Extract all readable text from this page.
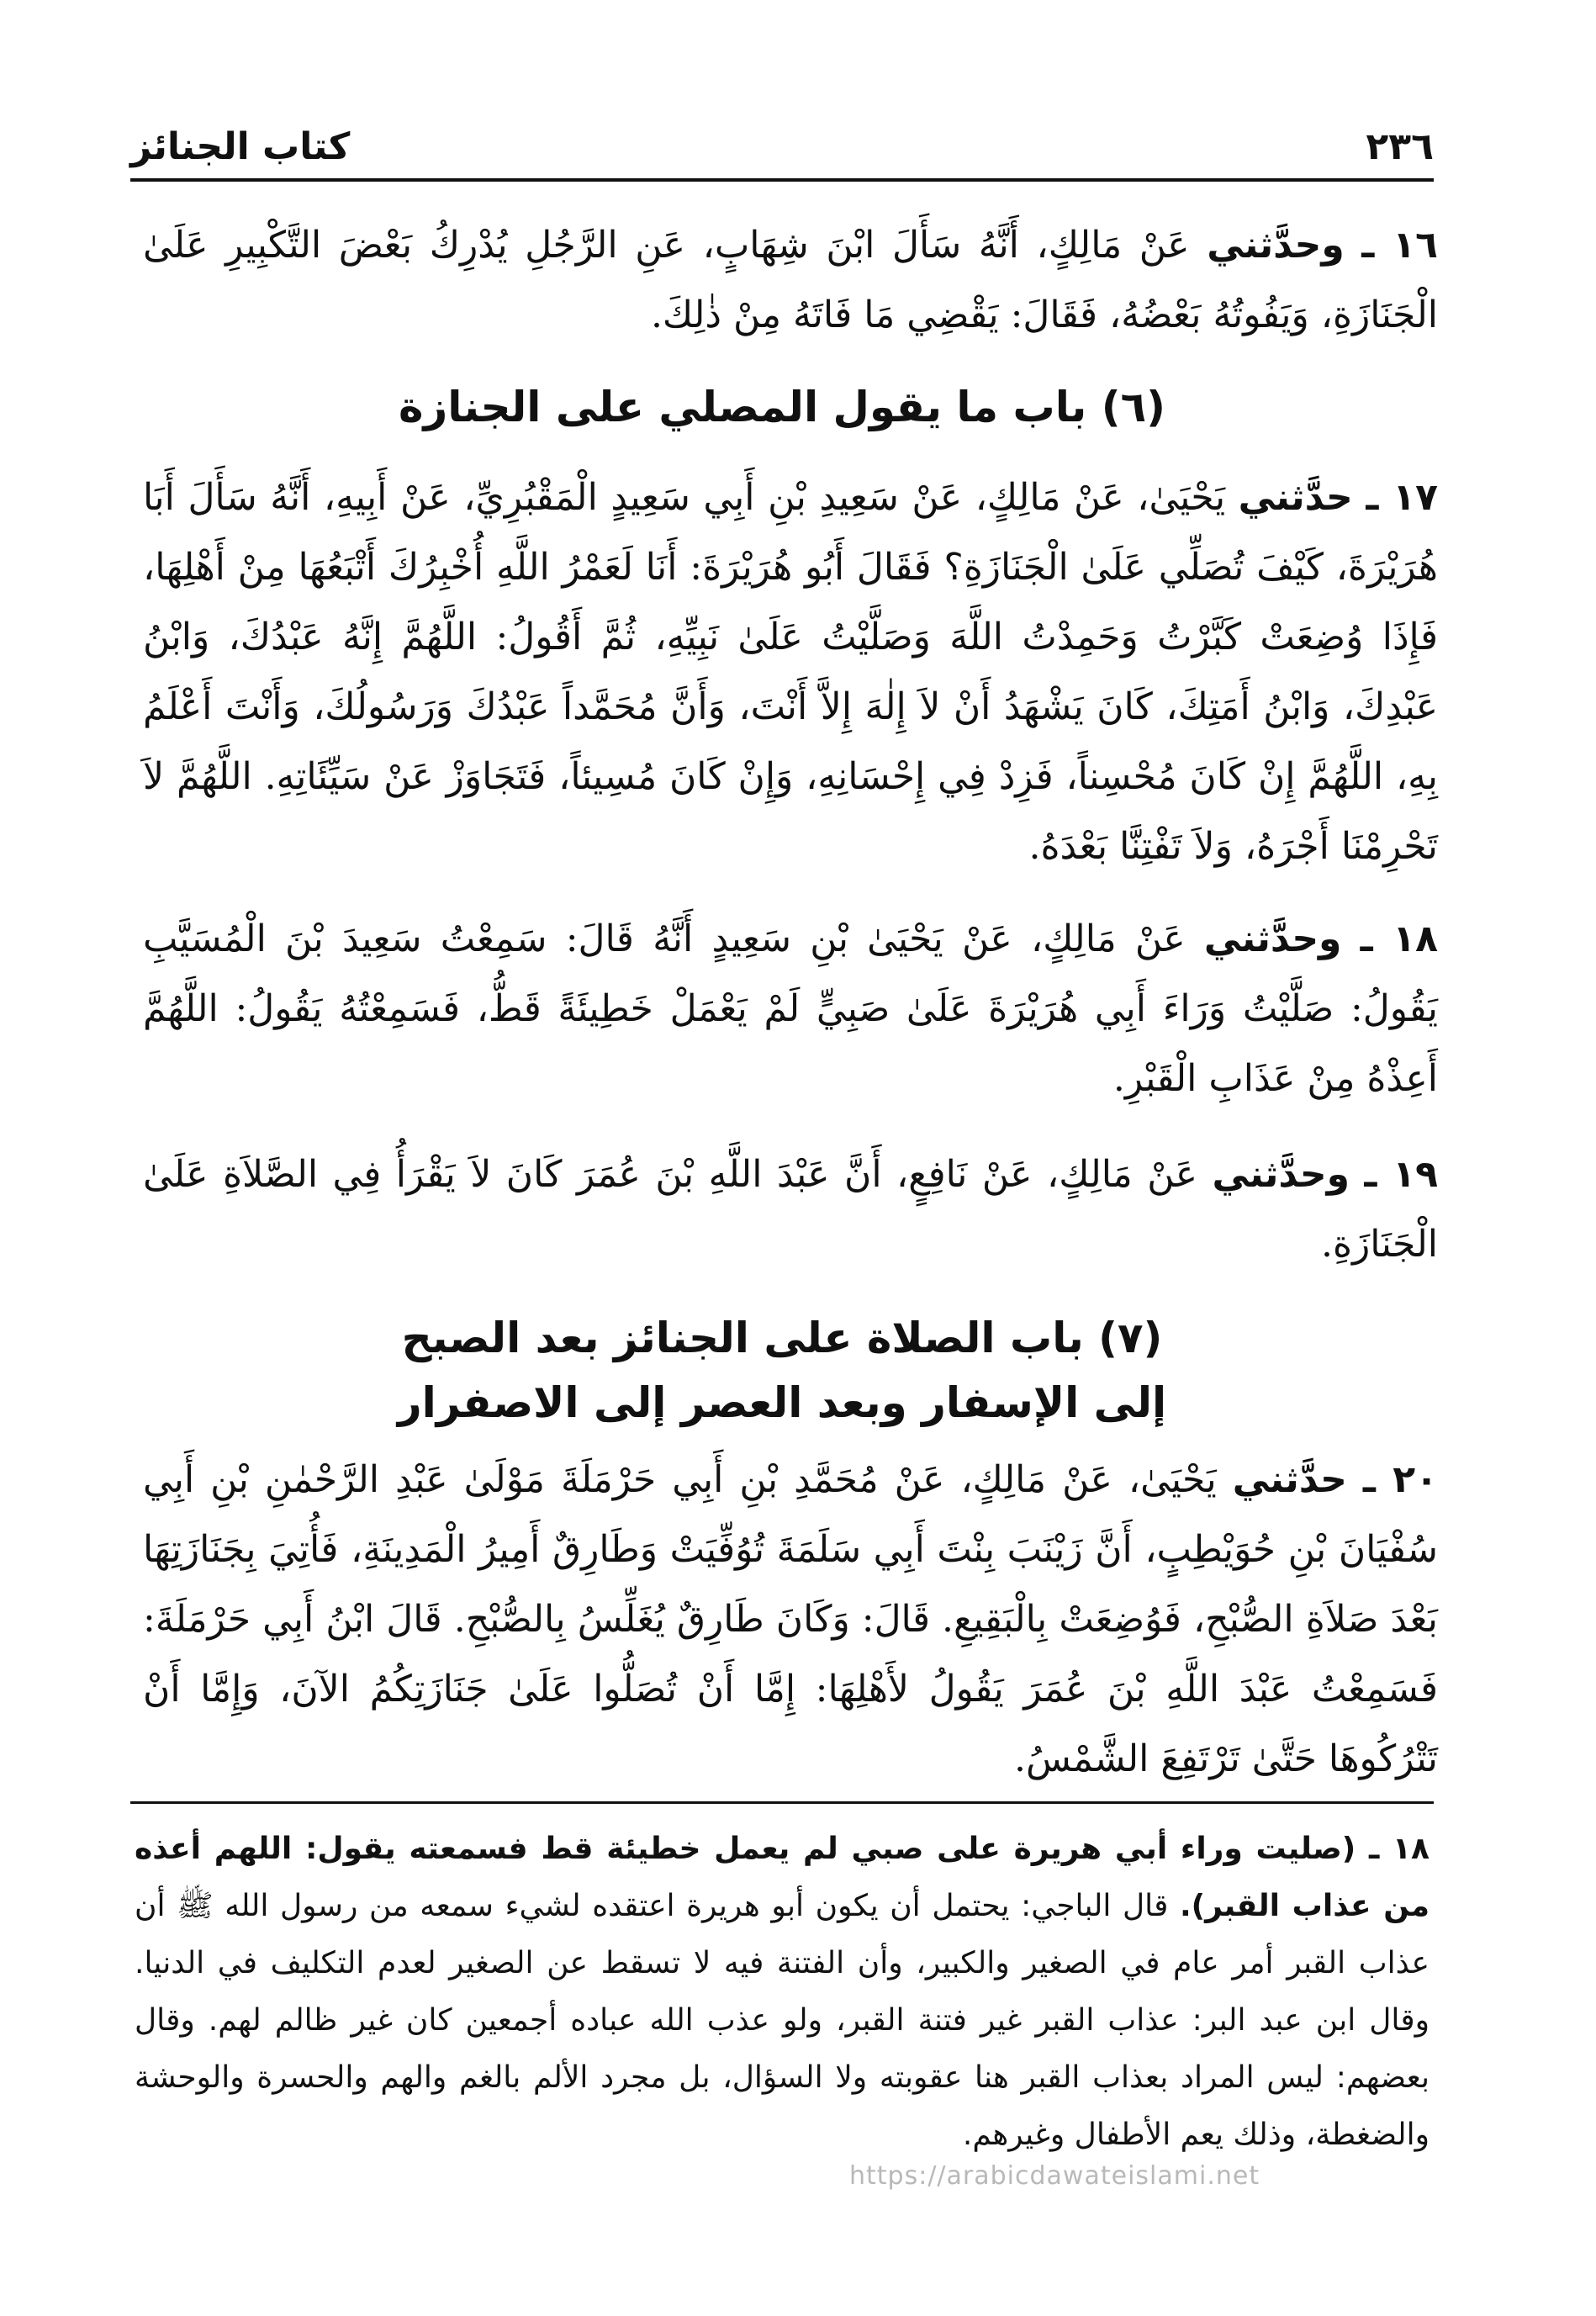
٢٣٦
كتاب الجنائز

١٦ ـ وحدَّثني عَنْ مَالِكٍ، أَنَّهُ سَأَلَ ابْنَ شِهَابٍ، عَنِ الرَّجُلِ يُدْرِكُ بَعْضَ التَّكْبِيرِ عَلَىٰ الْجَنَازَةِ، وَيَفُوتُهُ بَعْضُهُ، فَقَالَ: يَقْضِي مَا فَاتَهُ مِنْ ذٰلِكَ.

(٦) باب ما يقول المصلي على الجنازة

١٧ ـ حدَّثني يَحْيَىٰ، عَنْ مَالِكٍ، عَنْ سَعِيدِ بْنِ أَبِي سَعِيدٍ الْمَقْبُرِيِّ، عَنْ أَبِيهِ، أَنَّهُ سَأَلَ أَبَا هُرَيْرَةَ، كَيْفَ تُصَلِّي عَلَىٰ الْجَنَازَةِ؟ فَقَالَ أَبُو هُرَيْرَةَ: أَنَا لَعَمْرُ اللَّهِ أُخْبِرُكَ أَتْبَعُهَا مِنْ أَهْلِهَا، فَإِذَا وُضِعَتْ كَبَّرْتُ وَحَمِدْتُ اللَّهَ وَصَلَّيْتُ عَلَىٰ نَبِيِّهِ، ثُمَّ أَقُولُ: اللَّهُمَّ إِنَّهُ عَبْدُكَ، وَابْنُ عَبْدِكَ، وَابْنُ أَمَتِكَ، كَانَ يَشْهَدُ أَنْ لاَ إِلٰهَ إِلاَّ أَنْتَ، وَأَنَّ مُحَمَّداً عَبْدُكَ وَرَسُولُكَ، وَأَنْتَ أَعْلَمُ بِهِ، اللَّهُمَّ إِنْ كَانَ مُحْسِناً، فَزِدْ فِي إِحْسَانِهِ، وَإِنْ كَانَ مُسِيئاً، فَتَجَاوَزْ عَنْ سَيِّئَاتِهِ. اللَّهُمَّ لاَ تَحْرِمْنَا أَجْرَهُ، وَلاَ تَفْتِنَّا بَعْدَهُ.

١٨ ـ وحدَّثني عَنْ مَالِكٍ، عَنْ يَحْيَىٰ بْنِ سَعِيدٍ أَنَّهُ قَالَ: سَمِعْتُ سَعِيدَ بْنَ الْمُسَيَّبِ يَقُولُ: صَلَّيْتُ وَرَاءَ أَبِي هُرَيْرَةَ عَلَىٰ صَبِيٍّ لَمْ يَعْمَلْ خَطِيئَةً قَطُّ، فَسَمِعْتُهُ يَقُولُ: اللَّهُمَّ أَعِذْهُ مِنْ عَذَابِ الْقَبْرِ.

١٩ ـ وحدَّثني عَنْ مَالِكٍ، عَنْ نَافِعٍ، أَنَّ عَبْدَ اللَّهِ بْنَ عُمَرَ كَانَ لاَ يَقْرَأُ فِي الصَّلاَةِ عَلَىٰ الْجَنَازَةِ.

(٧) باب الصلاة على الجنائز بعد الصبح
إلى الإسفار وبعد العصر إلى الاصفرار

٢٠ ـ حدَّثني يَحْيَىٰ، عَنْ مَالِكٍ، عَنْ مُحَمَّدِ بْنِ أَبِي حَرْمَلَةَ مَوْلَىٰ عَبْدِ الرَّحْمٰنِ بْنِ أَبِي سُفْيَانَ بْنِ حُوَيْطِبٍ، أَنَّ زَيْنَبَ بِنْتَ أَبِي سَلَمَةَ تُوُفِّيَتْ وَطَارِقٌ أَمِيرُ الْمَدِينَةِ، فَأُتِيَ بِجَنَازَتِهَا بَعْدَ صَلاَةِ الصُّبْحِ، فَوُضِعَتْ بِالْبَقِيعِ. قَالَ: وَكَانَ طَارِقٌ يُغَلِّسُ بِالصُّبْحِ. قَالَ ابْنُ أَبِي حَرْمَلَةَ: فَسَمِعْتُ عَبْدَ اللَّهِ بْنَ عُمَرَ يَقُولُ لأَهْلِهَا: إِمَّا أَنْ تُصَلُّوا عَلَىٰ جَنَازَتِكُمُ الآنَ، وَإِمَّا أَنْ تَتْرُكُوهَا حَتَّىٰ تَرْتَفِعَ الشَّمْسُ.

١٨ ـ (صليت وراء أبي هريرة على صبي لم يعمل خطيئة قط فسمعته يقول: اللهم أعذه من عذاب القبر). قال الباجي: يحتمل أن يكون أبو هريرة اعتقده لشيء سمعه من رسول الله ﷺ أن عذاب القبر أمر عام في الصغير والكبير، وأن الفتنة فيه لا تسقط عن الصغير لعدم التكليف في الدنيا. وقال ابن عبد البر: عذاب القبر غير فتنة القبر، ولو عذب الله عباده أجمعين كان غير ظالم لهم. وقال بعضهم: ليس المراد بعذاب القبر هنا عقوبته ولا السؤال، بل مجرد الألم بالغم والهم والحسرة والوحشة والضغطة، وذلك يعم الأطفال وغيرهم.
https://arabicdawateislami.net
